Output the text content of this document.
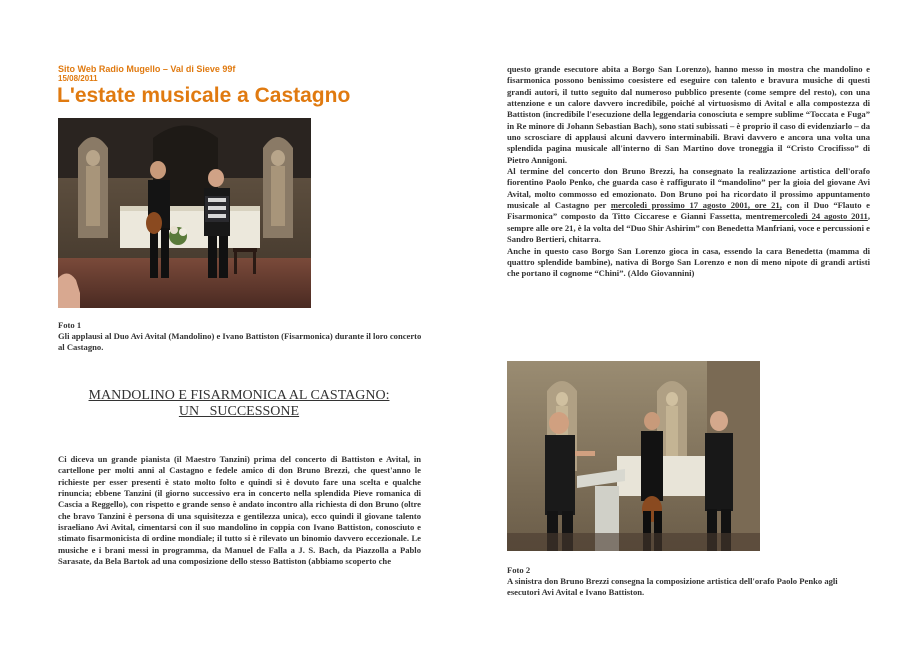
Sito Web Radio Mugello – Val di Sieve 99f
15/08/2011
L'estate musicale a Castagno
Foto 1
Gli applausi al Duo Avi Avital (Mandolino) e Ivano Battiston (Fisarmonica) durante il loro concerto al Castagno.
MANDOLINO E FISARMONICA AL CASTAGNO:
UN   SUCCESSONE

Ci diceva un grande pianista (il Maestro Tanzini) prima del concerto di Battiston e Avital, in cartellone per molti anni al Castagno e fedele amico di don Bruno Brezzi, che quest'anno le richieste per esser presenti è stato molto folto e quindi si è dovuto fare una scelta e qualche rinuncia; ebbene Tanzini (il giorno successivo era in concerto nella splendida Pieve romanica di Cascia a Reggello), con rispetto e grande senso è andato incontro alla richiesta di don Bruno (oltre che bravo Tanzini è persona di una squisitezza e gentilezza unica), ecco quindi il giovane talento israeliano Avi Avital, cimentarsi con il suo mandolino in coppia con Ivano Battiston, conosciuto e stimato fisarmonicista di ordine mondiale; il tutto si è rilevato un binomio davvero eccezionale. Le musiche e i brani messi in programma, da Manuel de Falla a J. S. Bach, da Piazzolla a Pablo Sarasate, da Bela Bartok ad una composizione dello stesso Battiston (abbiamo scoperto che

questo grande esecutore abita a Borgo San Lorenzo), hanno messo in mostra che mandolino e fisarmonica possono benissimo coesistere ed eseguire con talento e bravura musiche di questi grandi autori, il tutto seguito dal numeroso pubblico presente (come sempre del resto), con una attenzione e un calore davvero incredibile, poiché al virtuosismo di Avital e alla compostezza di Battiston (incredibile l'esecuzione della leggendaria conosciuta e sempre sublime “Toccata e Fuga” in Re minore di Johann Sebastian Bach), sono stati subissati – è proprio il caso di evidenziarlo – da uno scrosciare di applausi alcuni davvero interminabili. Bravi davvero e ancora una volta una splendida pagina musicale all'interno di San Martino dove troneggia il “Cristo Crocifisso” di Pietro Annigoni.

Al termine del concerto don Bruno Brezzi, ha consegnato la realizzazione artistica dell'orafo fiorentino Paolo Penko, che guarda caso è raffigurato il “mandolino” per la gioia del giovane Avi Avital, molto commosso ed emozionato. Don Bruno poi ha ricordato il prossimo appuntamento musicale al Castagno per mercoledì prossimo 17 agosto 2001, ore 21, con il Duo “Flauto e Fisarmonica” composto da Titto Ciccarese e Gianni Fassetta, mentremercoledì 24 agosto 2011, sempre alle ore 21, è la volta del “Duo Shir Ashirim” con Benedetta Manfriani, voce e percussioni e Sandro Bertieri, chitarra.

Anche in questo caso Borgo San Lorenzo gioca in casa, essendo la cara Benedetta (mamma di quattro splendide bambine), nativa di Borgo San Lorenzo e non di meno nipote di grandi artisti che portano il cognome “Chini”. (Aldo Giovannini)

Foto 2
A sinistra don Bruno Brezzi consegna la composizione artistica dell'orafo Paolo Penko agli esecutori Avi Avital e Ivano Battiston.
